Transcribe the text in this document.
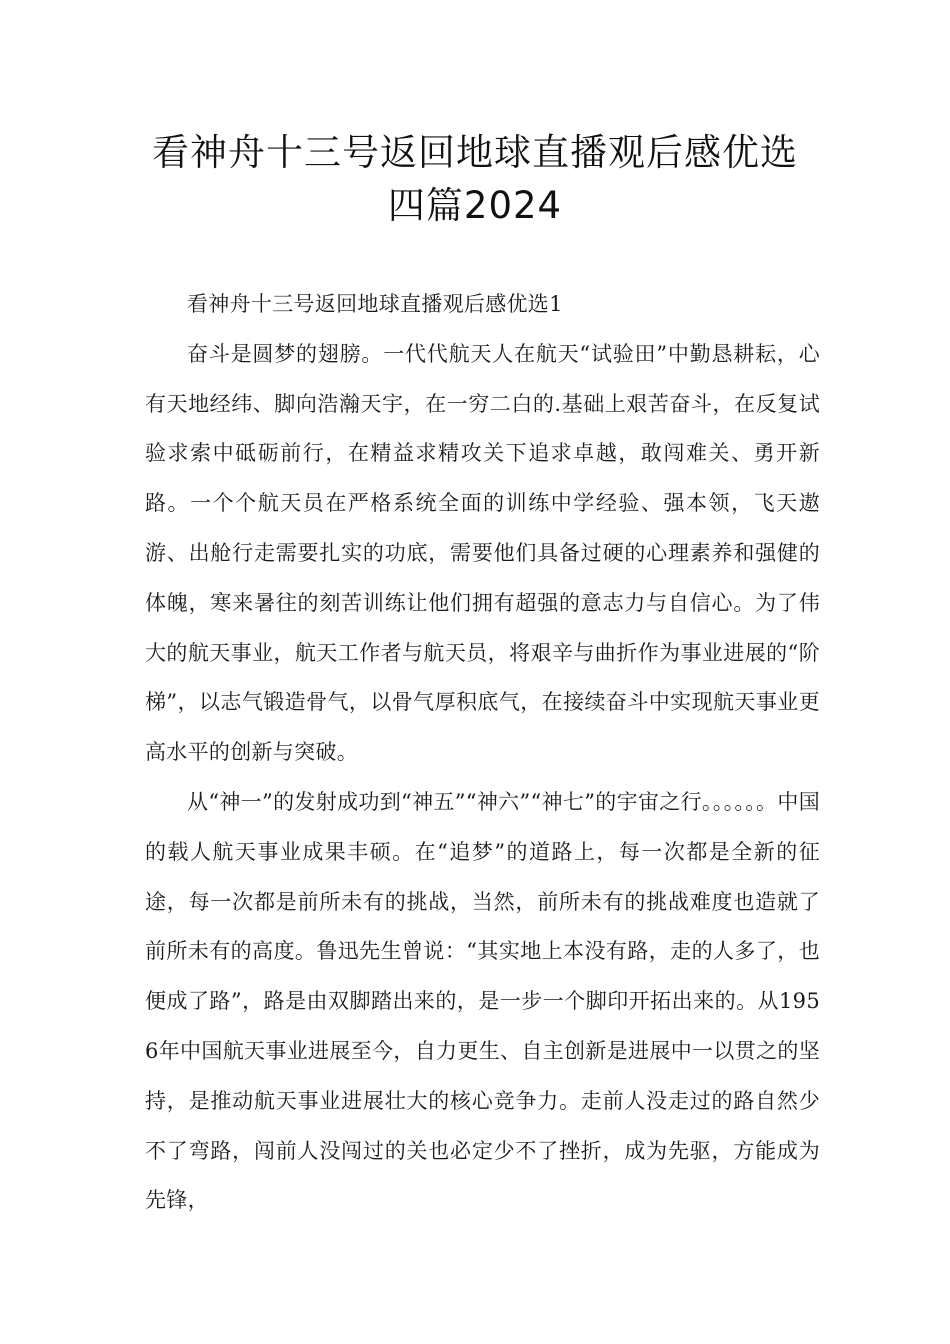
看神舟十三号返回地球直播观后感优选
四篇2024

看神舟十三号返回地球直播观后感优选1

奋斗是圆梦的翅膀。一代代航天人在航天“试验田”中勤恳耕耘，心有天地经纬、脚向浩瀚天宇，在一穷二白的.基础上艰苦奋斗，在反复试验求索中砥砺前行，在精益求精攻关下追求卓越，敢闯难关、勇开新路。一个个航天员在严格系统全面的训练中学经验、强本领，飞天遨游、出舱行走需要扎实的功底，需要他们具备过硬的心理素养和强健的体魄，寒来暑往的刻苦训练让他们拥有超强的意志力与自信心。为了伟大的航天事业，航天工作者与航天员，将艰辛与曲折作为事业进展的“阶梯”，以志气锻造骨气，以骨气厚积底气，在接续奋斗中实现航天事业更高水平的创新与突破。

从“神一”的发射成功到“神五”“神六”“神七”的宇宙之行。。。。。。中国的载人航天事业成果丰硕。在“追梦”的道路上，每一次都是全新的征途，每一次都是前所未有的挑战，当然，前所未有的挑战难度也造就了前所未有的高度。鲁迅先生曾说：“其实地上本没有路，走的人多了，也便成了路”，路是由双脚踏出来的，是一步一个脚印开拓出来的。从1956年中国航天事业进展至今，自力更生、自主创新是进展中一以贯之的坚持，是推动航天事业进展壮大的核心竞争力。走前人没走过的路自然少不了弯路，闯前人没闯过的关也必定少不了挫折，成为先驱，方能成为先锋，
